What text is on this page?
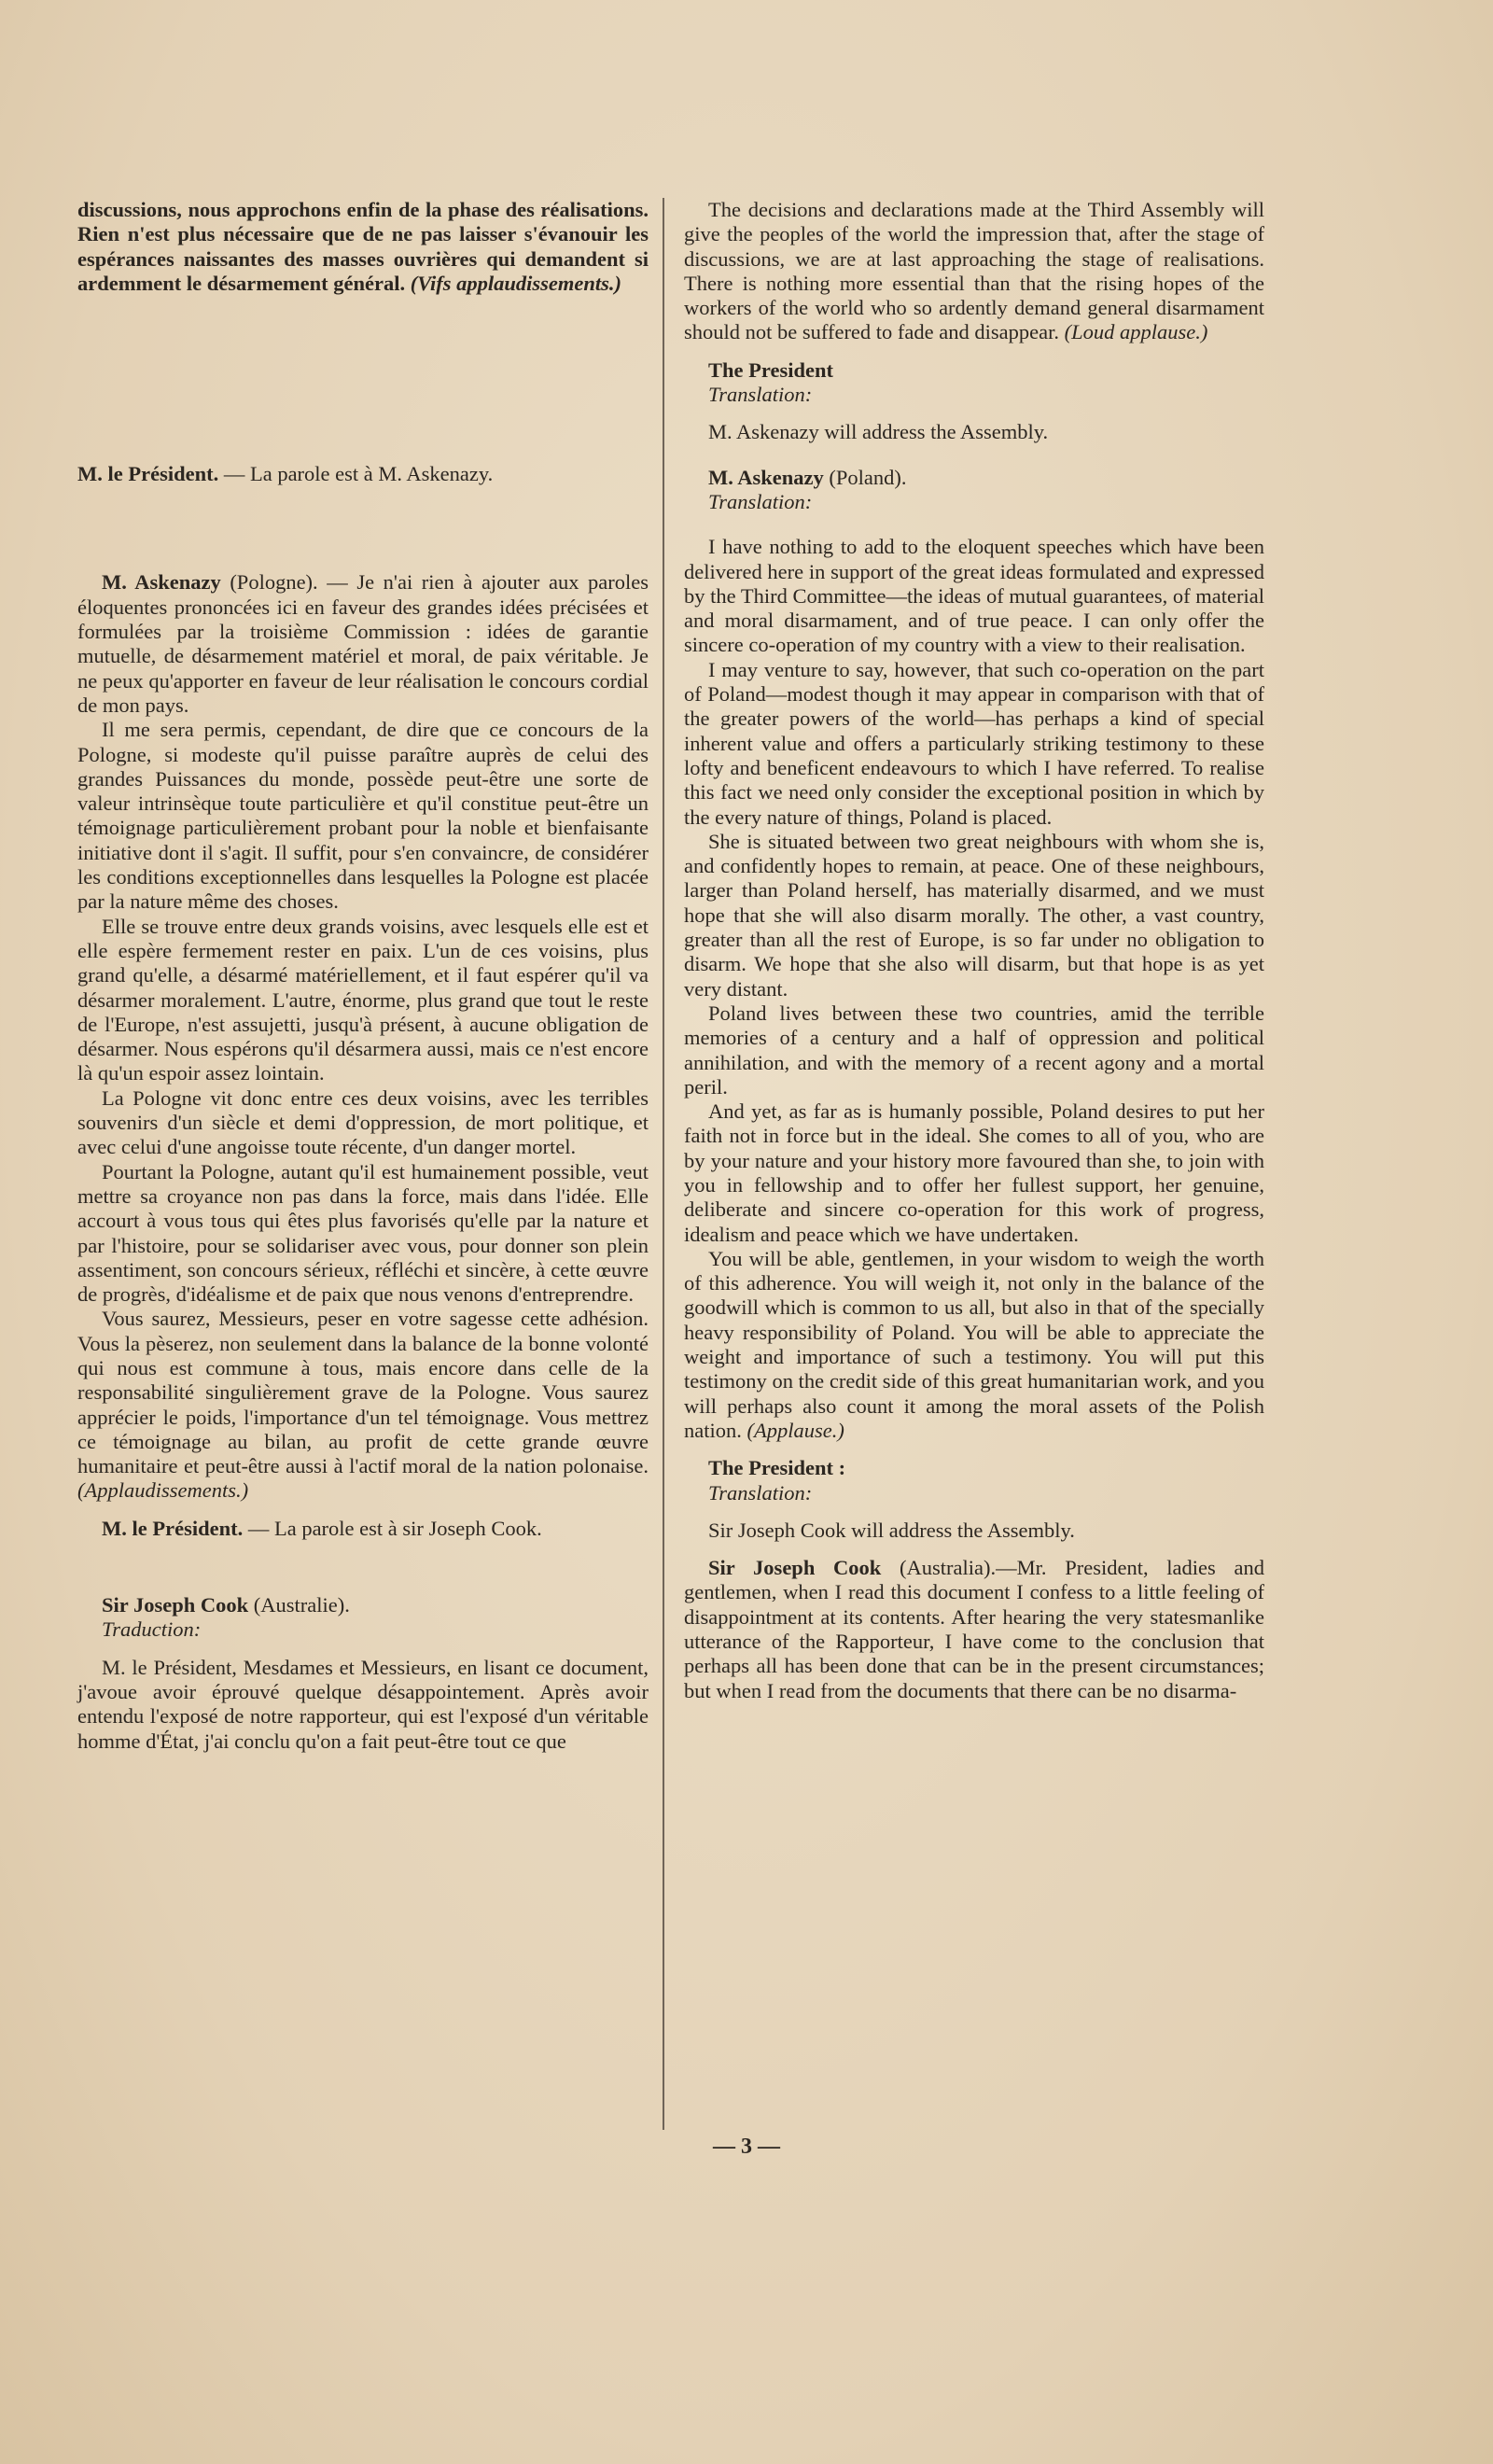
discussions, nous approchons enfin de la phase des réalisations. Rien n'est plus nécessaire que de ne pas laisser s'évanouir les espérances naissantes des masses ouvrières qui demandent si ardemment le désarmement général. (Vifs applaudissements.)

M. le Président. — La parole est à M. Askenazy.

M. Askenazy (Pologne). — Je n'ai rien à ajouter aux paroles éloquentes prononcées ici en faveur des grandes idées précisées et formulées par la troisième Commission : idées de garantie mutuelle, de désarmement matériel et moral, de paix véritable. Je ne peux qu'apporter en faveur de leur réalisation le concours cordial de mon pays.

Il me sera permis, cependant, de dire que ce concours de la Pologne, si modeste qu'il puisse paraître auprès de celui des grandes Puissances du monde, possède peut-être une sorte de valeur intrinsèque toute particulière et qu'il constitue peut-être un témoignage particulièrement probant pour la noble et bienfaisante initiative dont il s'agit. Il suffit, pour s'en convaincre, de considérer les conditions exceptionnelles dans lesquelles la Pologne est placée par la nature même des choses.

Elle se trouve entre deux grands voisins, avec lesquels elle est et elle espère fermement rester en paix. L'un de ces voisins, plus grand qu'elle, a désarmé matériellement, et il faut espérer qu'il va désarmer moralement. L'autre, énorme, plus grand que tout le reste de l'Europe, n'est assujetti, jusqu'à présent, à aucune obligation de désarmer. Nous espérons qu'il désarmera aussi, mais ce n'est encore là qu'un espoir assez lointain.

La Pologne vit donc entre ces deux voisins, avec les terribles souvenirs d'un siècle et demi d'oppression, de mort politique, et avec celui d'une angoisse toute récente, d'un danger mortel.

Pourtant la Pologne, autant qu'il est humainement possible, veut mettre sa croyance non pas dans la force, mais dans l'idée. Elle accourt à vous tous qui êtes plus favorisés qu'elle par la nature et par l'histoire, pour se solidariser avec vous, pour donner son plein assentiment, son concours sérieux, réfléchi et sincère, à cette œuvre de progrès, d'idéalisme et de paix que nous venons d'entreprendre.

Vous saurez, Messieurs, peser en votre sagesse cette adhésion. Vous la pèserez, non seulement dans la balance de la bonne volonté qui nous est commune à tous, mais encore dans celle de la responsabilité singulièrement grave de la Pologne. Vous saurez apprécier le poids, l'importance d'un tel témoignage. Vous mettrez ce témoignage au bilan, au profit de cette grande œuvre humanitaire et peut-être aussi à l'actif moral de la nation polonaise. (Applaudissements.)

M. le Président. — La parole est à sir Joseph Cook.

Sir Joseph Cook (Australie).
Traduction:

M. le Président, Mesdames et Messieurs, en lisant ce document, j'avoue avoir éprouvé quelque désappointement. Après avoir entendu l'exposé de notre rapporteur, qui est l'exposé d'un véritable homme d'État, j'ai conclu qu'on a fait peut-être tout ce que

The decisions and declarations made at the Third Assembly will give the peoples of the world the impression that, after the stage of discussions, we are at last approaching the stage of realisations. There is nothing more essential than that the rising hopes of the workers of the world who so ardently demand general disarmament should not be suffered to fade and disappear. (Loud applause.)

The President
Translation:

M. Askenazy will address the Assembly.

M. Askenazy (Poland).
Translation:

I have nothing to add to the eloquent speeches which have been delivered here in support of the great ideas formulated and expressed by the Third Committee—the ideas of mutual guarantees, of material and moral disarmament, and of true peace. I can only offer the sincere co-operation of my country with a view to their realisation.

I may venture to say, however, that such co-operation on the part of Poland—modest though it may appear in comparison with that of the greater powers of the world—has perhaps a kind of special inherent value and offers a particularly striking testimony to these lofty and beneficent endeavours to which I have referred. To realise this fact we need only consider the exceptional position in which by the every nature of things, Poland is placed.

She is situated between two great neighbours with whom she is, and confidently hopes to remain, at peace. One of these neighbours, larger than Poland herself, has materially disarmed, and we must hope that she will also disarm morally. The other, a vast country, greater than all the rest of Europe, is so far under no obligation to disarm. We hope that she also will disarm, but that hope is as yet very distant.

Poland lives between these two countries, amid the terrible memories of a century and a half of oppression and political annihilation, and with the memory of a recent agony and a mortal peril.

And yet, as far as is humanly possible, Poland desires to put her faith not in force but in the ideal. She comes to all of you, who are by your nature and your history more favoured than she, to join with you in fellowship and to offer her fullest support, her genuine, deliberate and sincere co-operation for this work of progress, idealism and peace which we have undertaken.

You will be able, gentlemen, in your wisdom to weigh the worth of this adherence. You will weigh it, not only in the balance of the goodwill which is common to us all, but also in that of the specially heavy responsibility of Poland. You will be able to appreciate the weight and importance of such a testimony. You will put this testimony on the credit side of this great humanitarian work, and you will perhaps also count it among the moral assets of the Polish nation. (Applause.)

The President :
Translation:

Sir Joseph Cook will address the Assembly.

Sir Joseph Cook (Australia).—Mr. President, ladies and gentlemen, when I read this document I confess to a little feeling of disappointment at its contents. After hearing the very statesmanlike utterance of the Rapporteur, I have come to the conclusion that perhaps all has been done that can be in the present circumstances; but when I read from the documents that there can be no disarma-

— 3 —
